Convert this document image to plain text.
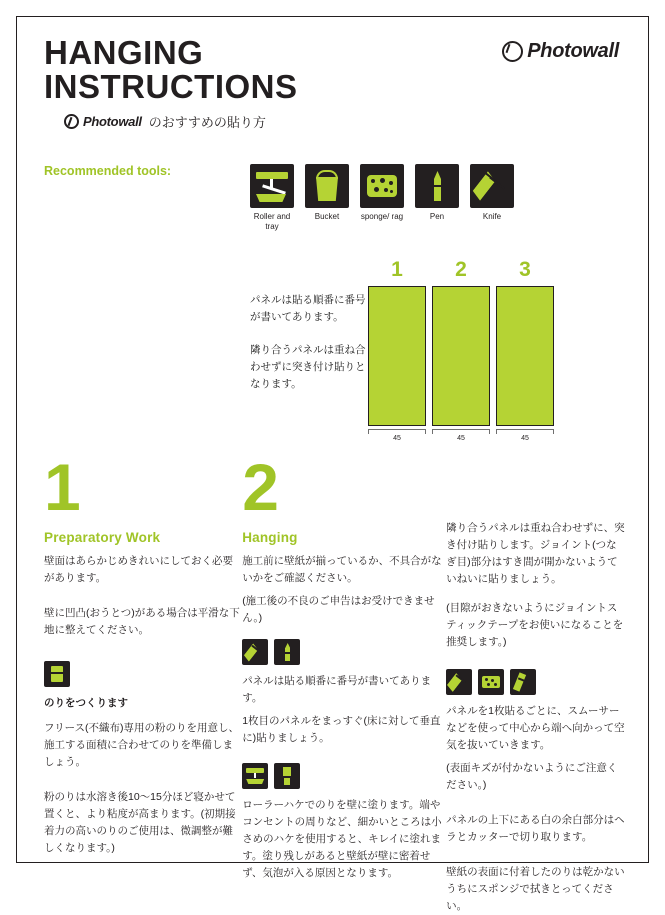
Photowall
HANGING
INSTRUCTIONS
Photowall のおすすめの貼り方
Recommended tools:
Roller and tray
Bucket	sponge/ rag	Pen	Knife
パネルは貼る順番に番号が書いてあります。
隣り合うパネルは重ね合わせずに突き付け貼りとなります。
1	2	3
45	45	45
1	2
Preparatory Work
壁面はあらかじめきれいにしておく必要があります。
壁に凹凸(おうとつ)がある場合は平滑な下地に整えてください。
のりをつくります
フリース(不織布)専用の粉のりを用意し、施工する面積に合わせてのりを準備しましょう。
粉のりは水溶き後10〜15分ほど寝かせて置くと、より粘度が高まります。(初期接着力の高いのりのご使用は、微調整が難しくなります。)
Hanging
施工前に壁紙が揃っているか、不具合がないかをご確認ください。
(施工後の不良のご申告はお受けできません。)
パネルは貼る順番に番号が書いてあります。
1枚目のパネルをまっすぐ(床に対して垂直に)貼りましょう。
ローラーハケでのりを壁に塗ります。端やコンセントの周りなど、細かいところは小さめのハケを使用すると、キレイに塗れます。塗り残しがあると壁紙が壁に密着せず、気泡が入る原因となります。
隣り合うパネルは重ね合わせずに、突き付け貼りします。ジョイント(つなぎ目)部分はすき間が開かないようていねいに貼りましょう。
(目隙がおきないようにジョイントスティックテープをお使いになることを推奨します。)
パネルを1枚貼るごとに、スムーサーなどを使って中心から端へ向かって空気を抜いていきます。
(表面キズが付かないようにご注意ください。)
パネルの上下にある白の余白部分はヘラとカッターで切り取ります。
壁紙の表面に付着したのりは乾かないうちにスポンジで拭きとってください。
